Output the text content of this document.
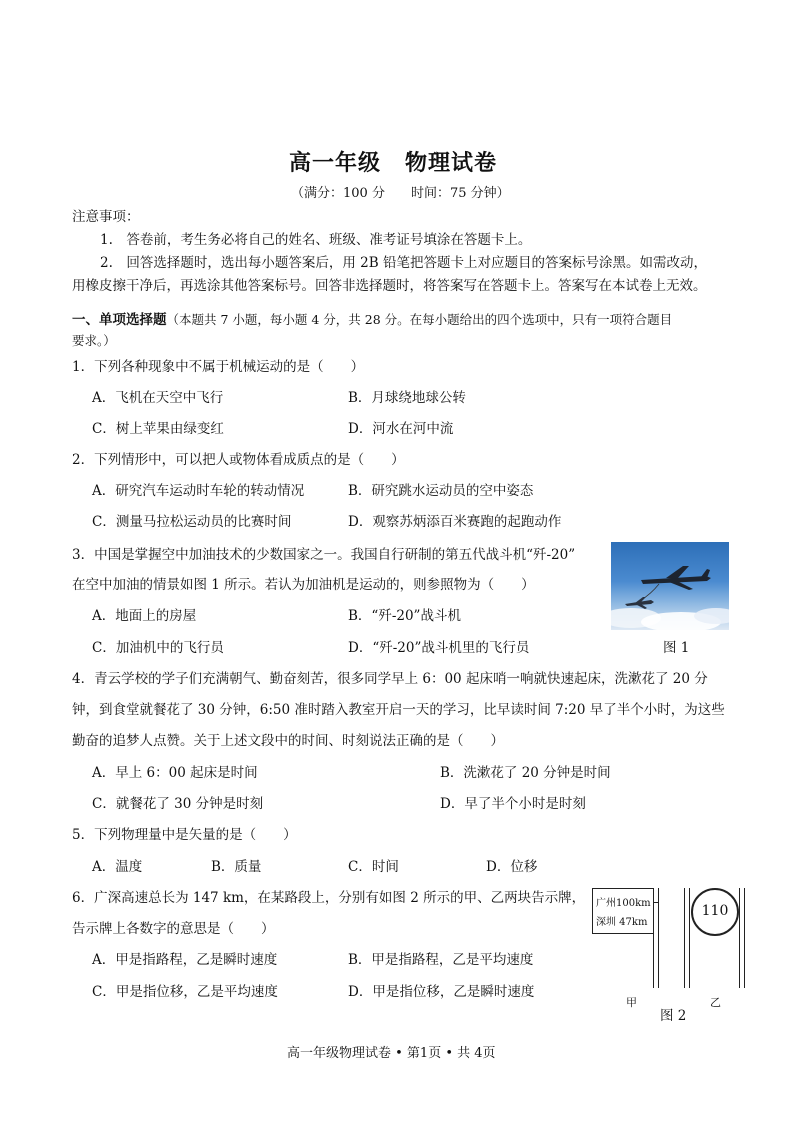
高一年级 物理试卷
（满分：100 分　　时间：75 分钟）
注意事项：
1.　答卷前，考生务必将自己的姓名、班级、准考证号填涂在答题卡上。
2.　回答选择题时，选出每小题答案后，用 2B 铅笔把答题卡上对应题目的答案标号涂黑。如需改动，
用橡皮擦干净后，再选涂其他答案标号。回答非选择题时，将答案写在答题卡上。答案写在本试卷上无效。
一、单项选择题（本题共 7 小题，每小题 4 分，共 28 分。在每小题给出的四个选项中，只有一项符合题目
要求。）
1．下列各种现象中不属于机械运动的是（　　）
A．飞机在天空中飞行	B．月球绕地球公转
C．树上苹果由绿变红	D．河水在河中流
2．下列情形中，可以把人或物体看成质点的是（　　）
A．研究汽车运动时车轮的转动情况	B．研究跳水运动员的空中姿态
C．测量马拉松运动员的比赛时间	D．观察苏炳添百米赛跑的起跑动作
3．中国是掌握空中加油技术的少数国家之一。我国自行研制的第五代战斗机“歼-20”
在空中加油的情景如图 1 所示。若认为加油机是运动的，则参照物为（　　）
A．地面上的房屋	B．“歼-20”战斗机
C．加油机中的飞行员	D．“歼-20”战斗机里的飞行员	图 1
4．青云学校的学子们充满朝气、勤奋刻苦，很多同学早上 6：00 起床哨一响就快速起床，洗漱花了 20 分
钟，到食堂就餐花了 30 分钟，6:50 准时踏入教室开启一天的学习，比早读时间 7:20 早了半个小时，为这些
勤奋的追梦人点赞。关于上述文段中的时间、时刻说法正确的是（　　）
A．早上 6：00 起床是时间	B．洗漱花了 20 分钟是时间
C．就餐花了 30 分钟是时刻	D．早了半个小时是时刻
5．下列物理量中是矢量的是（　　）
A．温度	B．质量	C．时间	D．位移
6．广深高速总长为 147 km，在某路段上，分别有如图 2 所示的甲、乙两块告示牌，
告示牌上各数字的意思是（　　）
A．甲是指路程，乙是瞬时速度	B．甲是指路程，乙是平均速度
C．甲是指位移，乙是平均速度	D．甲是指位移，乙是瞬时速度
广州100km
深圳 47km
甲
110
乙
图 2
高一年级物理试卷 • 第1页 • 共 4页
